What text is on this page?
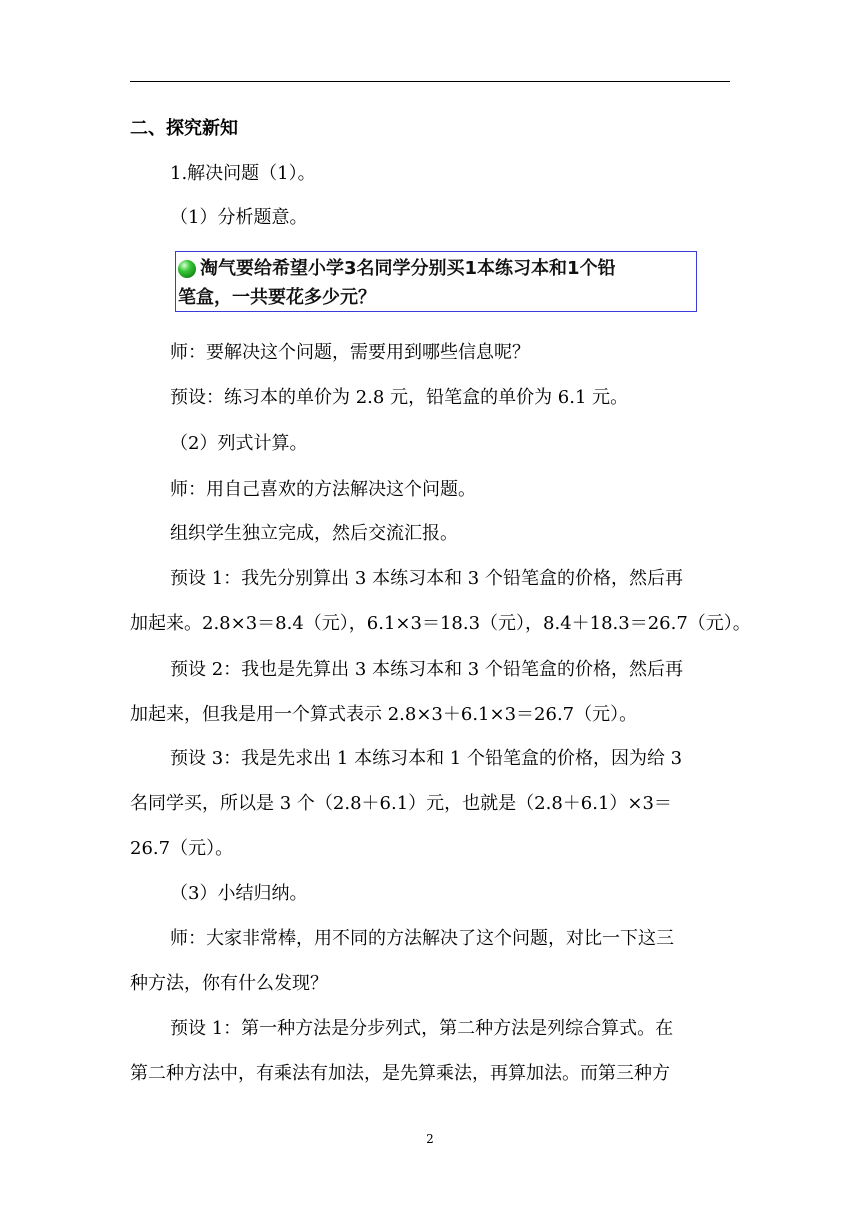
二、探究新知
1.解决问题（1）。
（1）分析题意。
淘气要给希望小学3名同学分别买1本练习本和1个铅
笔盒，一共要花多少元？
师：要解决这个问题，需要用到哪些信息呢？
预设：练习本的单价为 2.8 元，铅笔盒的单价为 6.1 元。
（2）列式计算。
师：用自己喜欢的方法解决这个问题。
组织学生独立完成，然后交流汇报。
预设 1：我先分别算出 3 本练习本和 3 个铅笔盒的价格，然后再
加起来。2.8×3＝8.4（元），6.1×3＝18.3（元），8.4＋18.3＝26.7（元）。
预设 2：我也是先算出 3 本练习本和 3 个铅笔盒的价格，然后再
加起来，但我是用一个算式表示 2.8×3＋6.1×3＝26.7（元）。
预设 3：我是先求出 1 本练习本和 1 个铅笔盒的价格，因为给 3
名同学买，所以是 3 个（2.8＋6.1）元，也就是（2.8＋6.1）×3＝
26.7（元）。
（3）小结归纳。
师：大家非常棒，用不同的方法解决了这个问题，对比一下这三
种方法，你有什么发现？
预设 1：第一种方法是分步列式，第二种方法是列综合算式。在
第二种方法中，有乘法有加法，是先算乘法，再算加法。而第三种方
2
